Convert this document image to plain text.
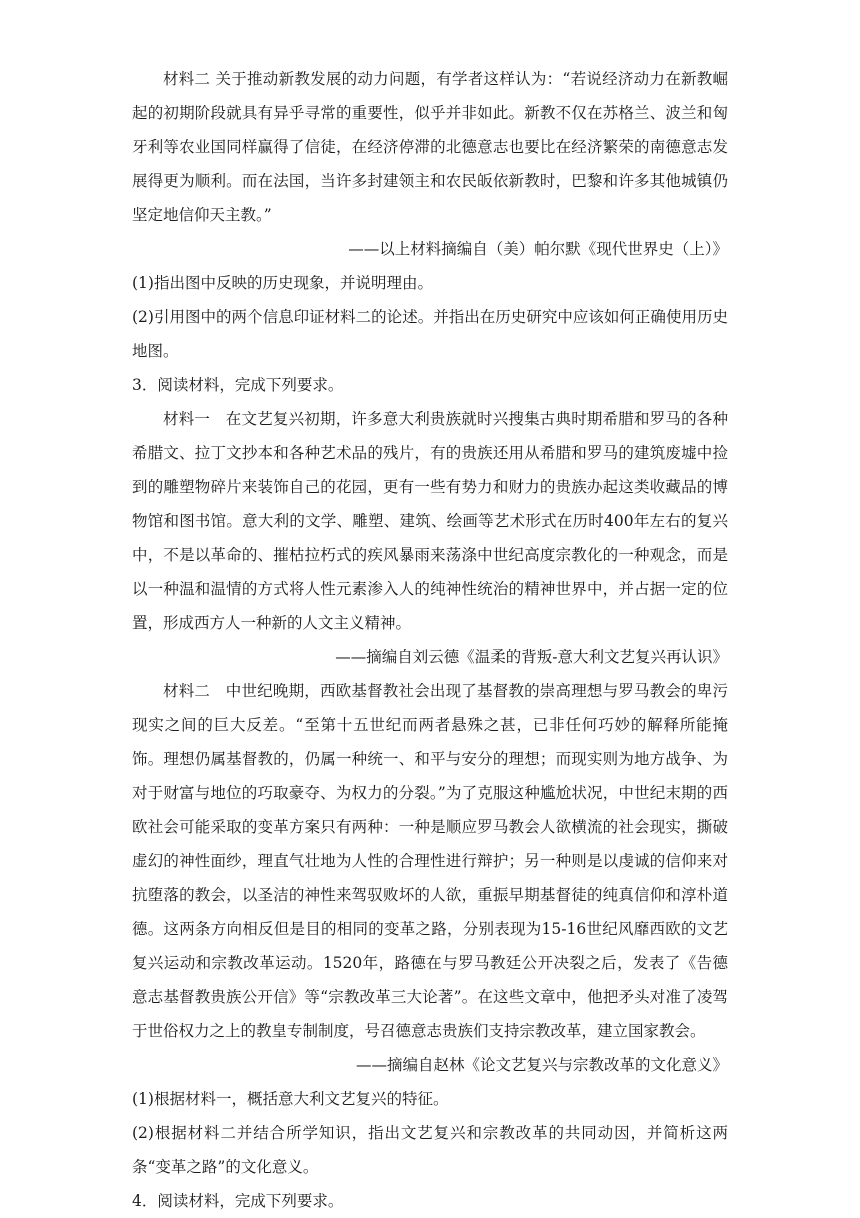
材料二 关于推动新教发展的动力问题，有学者这样认为：“若说经济动力在新教崛起的初期阶段就具有异乎寻常的重要性，似乎并非如此。新教不仅在苏格兰、波兰和匈牙利等农业国同样赢得了信徒，在经济停滞的北德意志也要比在经济繁荣的南德意志发展得更为顺利。而在法国，当许多封建领主和农民皈依新教时，巴黎和许多其他城镇仍坚定地信仰天主教。”

——以上材料摘编自（美）帕尔默《现代世界史（上）》

(1)指出图中反映的历史现象，并说明理由。

(2)引用图中的两个信息印证材料二的论述。并指出在历史研究中应该如何正确使用历史地图。

3．阅读材料，完成下列要求。

材料一　在文艺复兴初期，许多意大利贵族就时兴搜集古典时期希腊和罗马的各种希腊文、拉丁文抄本和各种艺术品的残片，有的贵族还用从希腊和罗马的建筑废墟中捡到的雕塑物碎片来装饰自己的花园，更有一些有势力和财力的贵族办起这类收藏品的博物馆和图书馆。意大利的文学、雕塑、建筑、绘画等艺术形式在历时400年左右的复兴中，不是以革命的、摧枯拉朽式的疾风暴雨来荡涤中世纪高度宗教化的一种观念，而是以一种温和温情的方式将人性元素渗入人的纯神性统治的精神世界中，并占据一定的位置，形成西方人一种新的人文主义精神。

——摘编自刘云德《温柔的背叛-意大利文艺复兴再认识》

材料二　中世纪晚期，西欧基督教社会出现了基督教的崇高理想与罗马教会的卑污现实之间的巨大反差。“至第十五世纪而两者悬殊之甚，已非任何巧妙的解释所能掩饰。理想仍属基督教的，仍属一种统一、和平与安分的理想；而现实则为地方战争、为对于财富与地位的巧取豪夺、为权力的分裂。”为了克服这种尴尬状况，中世纪末期的西欧社会可能采取的变革方案只有两种：一种是顺应罗马教会人欲横流的社会现实，撕破虚幻的神性面纱，理直气壮地为人性的合理性进行辩护；另一种则是以虔诚的信仰来对抗堕落的教会，以圣洁的神性来驾驭败坏的人欲，重振早期基督徒的纯真信仰和淳朴道德。这两条方向相反但是目的相同的变革之路，分别表现为15-16世纪风靡西欧的文艺复兴运动和宗教改革运动。1520年，路德在与罗马教廷公开决裂之后，发表了《告德意志基督教贵族公开信》等“宗教改革三大论著”。在这些文章中，他把矛头对准了凌驾于世俗权力之上的教皇专制制度，号召德意志贵族们支持宗教改革，建立国家教会。

——摘编自赵林《论文艺复兴与宗教改革的文化意义》

(1)根据材料一，概括意大利文艺复兴的特征。

(2)根据材料二并结合所学知识，指出文艺复兴和宗教改革的共同动因，并简析这两条“变革之路”的文化意义。

4．阅读材料，完成下列要求。
